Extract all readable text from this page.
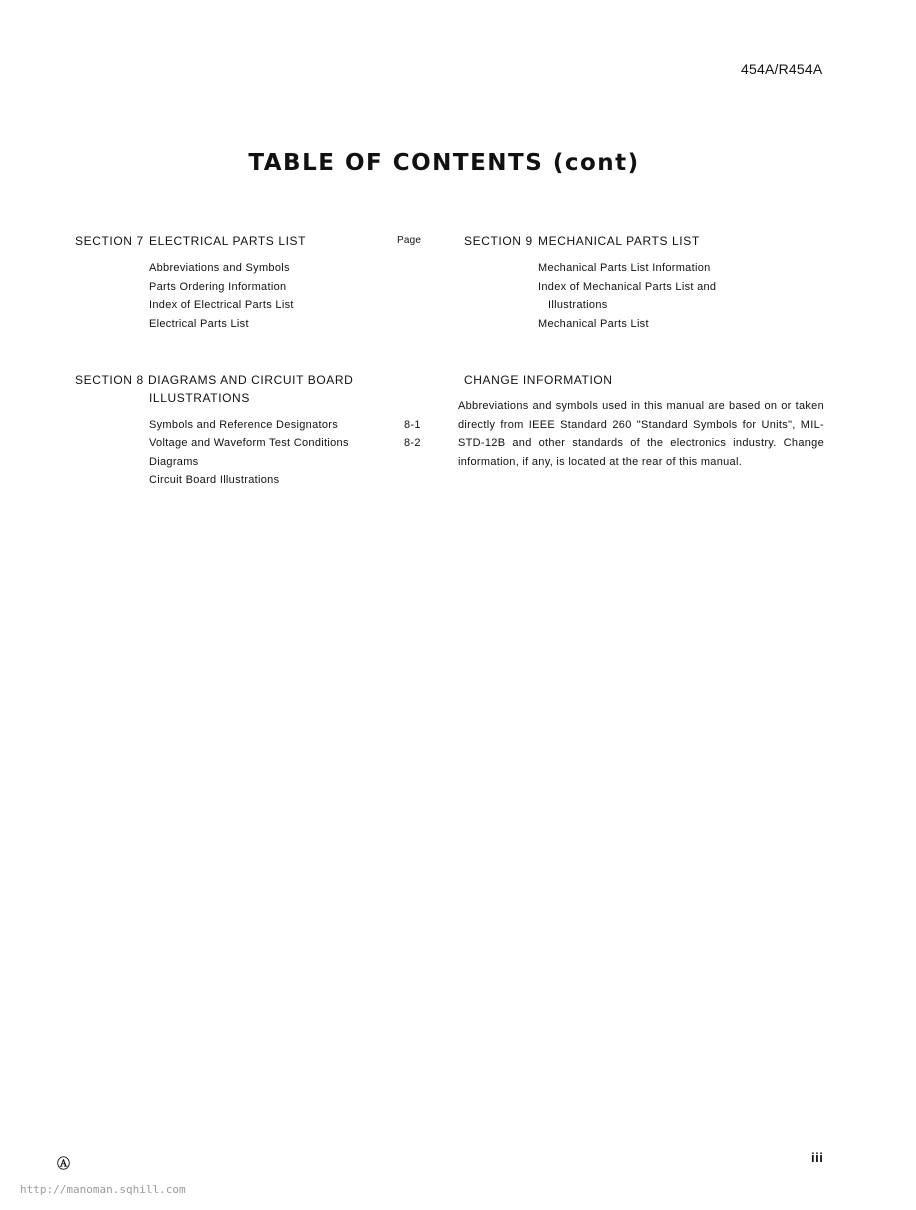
454A/R454A
TABLE OF CONTENTS (cont)
SECTION 7 ELECTRICAL PARTS LIST	Page
Abbreviations and Symbols
Parts Ordering Information
Index of Electrical Parts List
Electrical Parts List
SECTION 9 MECHANICAL PARTS LIST
Mechanical Parts List Information
Index of Mechanical Parts List and
Illustrations
Mechanical Parts List
SECTION 8 DIAGRAMS AND CIRCUIT BOARD
ILLUSTRATIONS
Symbols and Reference Designators	8-1
Voltage and Waveform Test Conditions	8-2
Diagrams
Circuit Board Illustrations
CHANGE INFORMATION
Abbreviations and symbols used in this manual are based on or taken directly from IEEE Standard 260 "Standard Symbols for Units", MIL-STD-12B and other standards of the electronics industry. Change information, if any, is located at the rear of this manual.
Ⓐ	iii
http://manoman.sqhill.com
